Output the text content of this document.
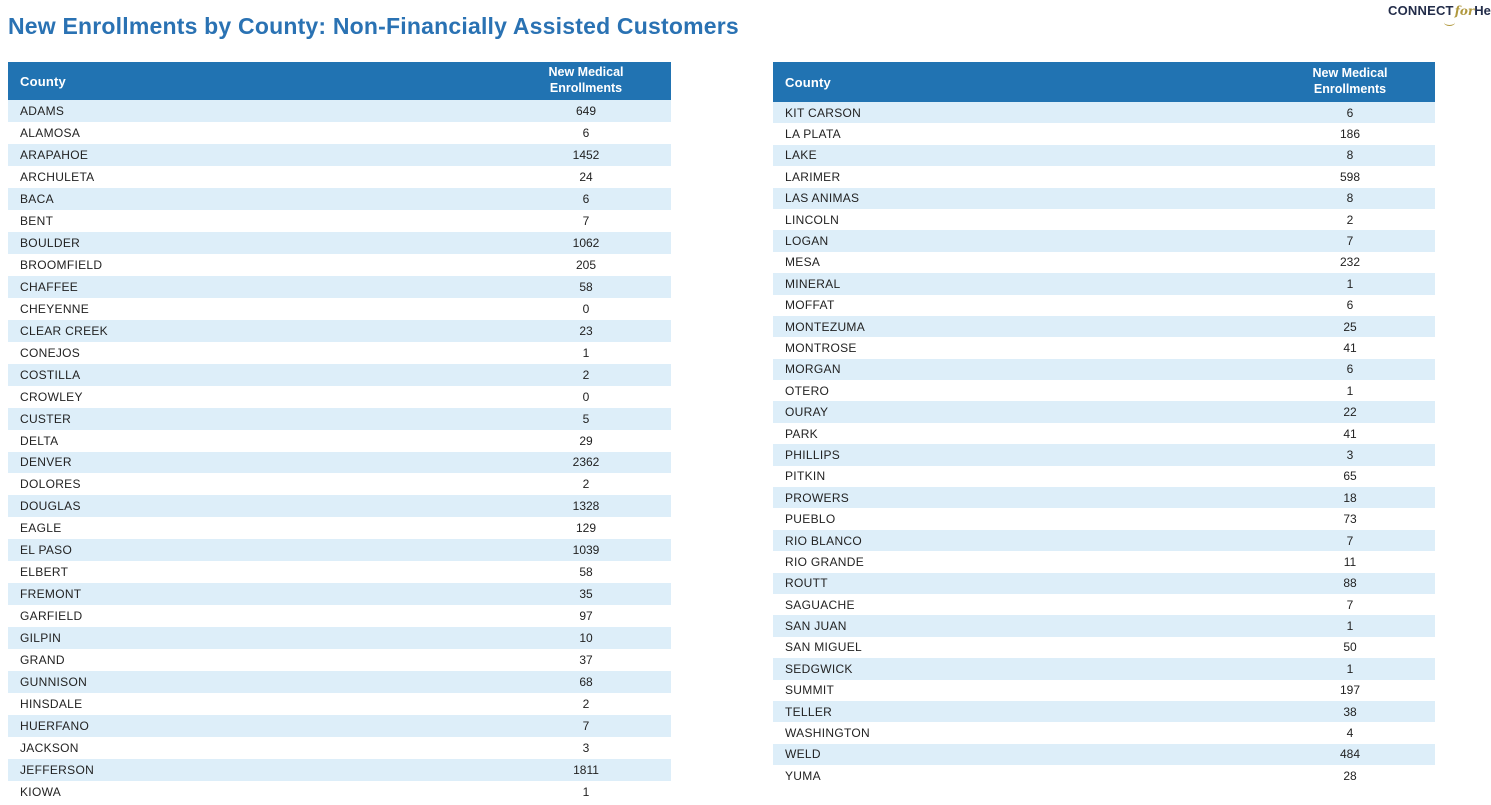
New Enrollments by County: Non-Financially Assisted Customers
CONNECTforHe
County
New Medical Enrollments
ADAMS	649
ALAMOSA	6
ARAPAHOE	1452
ARCHULETA	24
BACA	6
BENT	7
BOULDER	1062
BROOMFIELD	205
CHAFFEE	58
CHEYENNE	0
CLEAR CREEK	23
CONEJOS	1
COSTILLA	2
CROWLEY	0
CUSTER	5
DELTA	29
DENVER	2362
DOLORES	2
DOUGLAS	1328
EAGLE	129
EL PASO	1039
ELBERT	58
FREMONT	35
GARFIELD	97
GILPIN	10
GRAND	37
GUNNISON	68
HINSDALE	2
HUERFANO	7
JACKSON	3
JEFFERSON	1811
KIOWA	1
County
New Medical Enrollments
KIT CARSON	6
LA PLATA	186
LAKE	8
LARIMER	598
LAS ANIMAS	8
LINCOLN	2
LOGAN	7
MESA	232
MINERAL	1
MOFFAT	6
MONTEZUMA	25
MONTROSE	41
MORGAN	6
OTERO	1
OURAY	22
PARK	41
PHILLIPS	3
PITKIN	65
PROWERS	18
PUEBLO	73
RIO BLANCO	7
RIO GRANDE	11
ROUTT	88
SAGUACHE	7
SAN JUAN	1
SAN MIGUEL	50
SEDGWICK	1
SUMMIT	197
TELLER	38
WASHINGTON	4
WELD	484
YUMA	28
